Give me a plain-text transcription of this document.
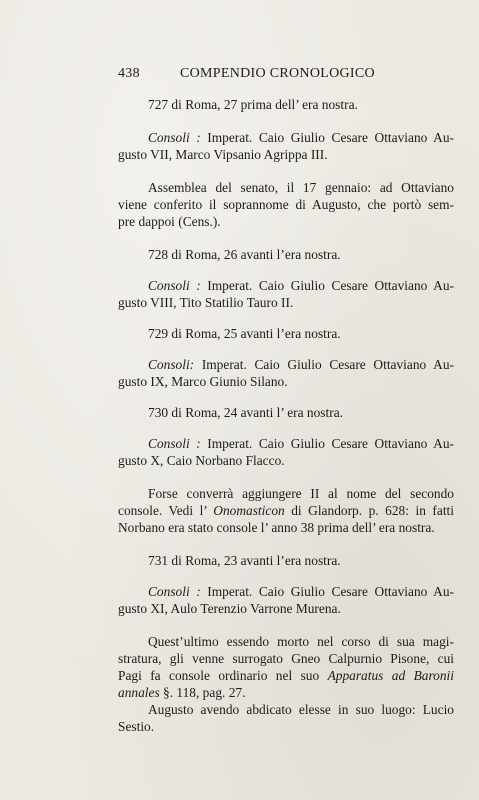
438	COMPENDIO CRONOLOGICO
727 di Roma, 27 prima dell’ era nostra.
Consoli : Imperat. Caio Giulio Cesare Ottaviano Au-
gusto VII, Marco Vipsanio Agrippa III.
Assemblea del senato, il 17 gennaio: ad Ottaviano
viene conferito il soprannome di Augusto, che portò sem-
pre dappoi (Cens.).
728 di Roma, 26 avanti l’era nostra.
Consoli : Imperat. Caio Giulio Cesare Ottaviano Au-
gusto VIII, Tito Statilio Tauro II.
729 di Roma, 25 avanti l’era nostra.
Consoli: Imperat. Caio Giulio Cesare Ottaviano Au-
gusto IX, Marco Giunio Silano.
730 di Roma, 24 avanti l’ era nostra.
Consoli : Imperat. Caio Giulio Cesare Ottaviano Au-
gusto X, Caio Norbano Flacco.
Forse converrà aggiungere II al nome del secondo
console. Vedi l’ Onomasticon di Glandorp. p. 628: in fatti
Norbano era stato console l’ anno 38 prima dell’ era nostra.
731 di Roma, 23 avanti l’era nostra.
Consoli : Imperat. Caio Giulio Cesare Ottaviano Au-
gusto XI, Aulo Terenzio Varrone Murena.
Quest’ultimo essendo morto nel corso di sua magi-
stratura, gli venne surrogato Gneo Calpurnio Pisone, cui
Pagi fa console ordinario nel suo Apparatus ad Baronii
annales §. 118, pag. 27.
Augusto avendo abdicato elesse in suo luogo: Lucio
Sestio.
